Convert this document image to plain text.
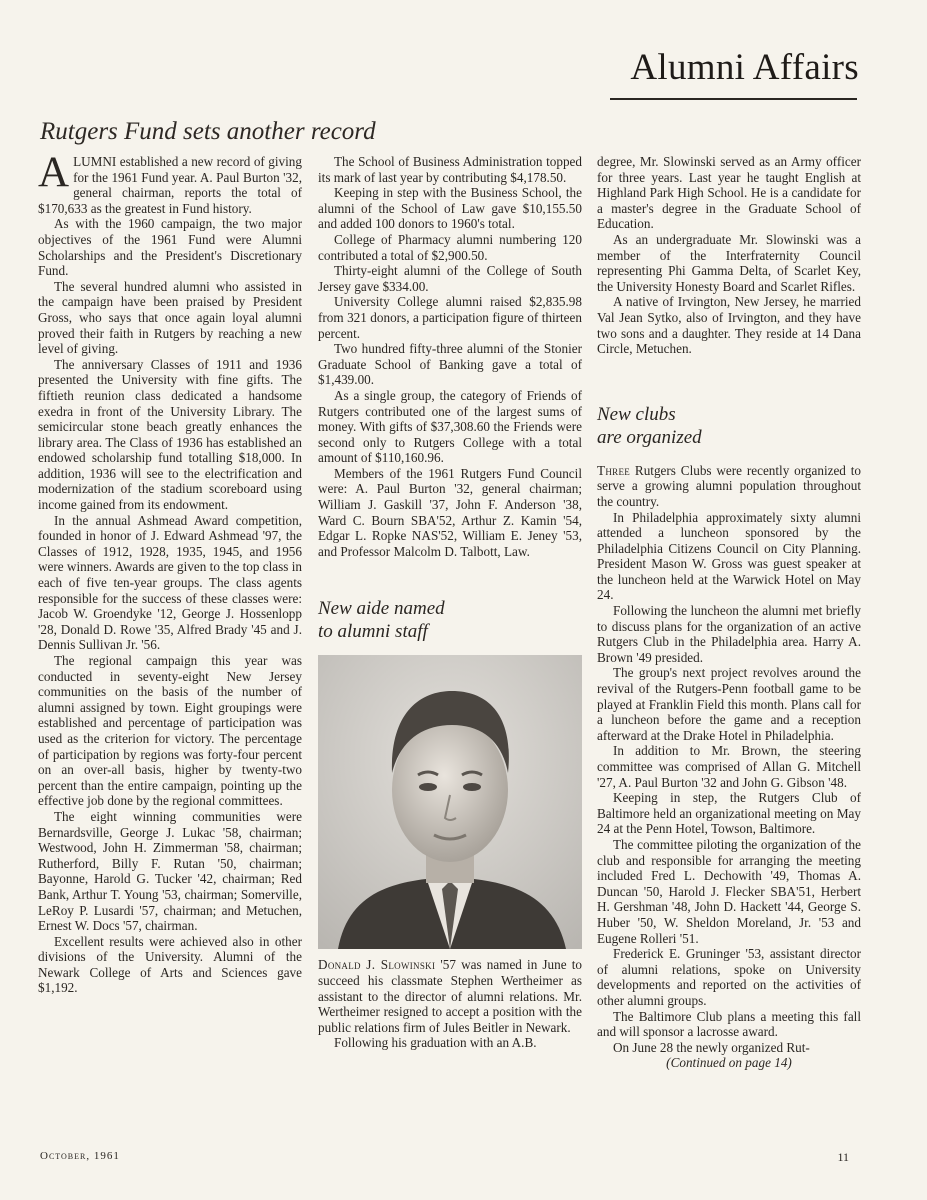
Alumni Affairs
Rutgers Fund sets another record

ALUMNI established a new record of giving for the 1961 Fund year. A. Paul Burton '32, general chairman, reports the total of $170,633 as the greatest in Fund history.

As with the 1960 campaign, the two major objectives of the 1961 Fund were Alumni Scholarships and the President's Discretionary Fund.

The several hundred alumni who assisted in the campaign have been praised by President Gross, who says that once again loyal alumni proved their faith in Rutgers by reaching a new level of giving.

The anniversary Classes of 1911 and 1936 presented the University with fine gifts. The fiftieth reunion class dedicated a handsome exedra in front of the University Library. The semicircular stone beach greatly enhances the library area. The Class of 1936 has established an endowed scholarship fund totalling $18,000. In addition, 1936 will see to the electrification and modernization of the stadium scoreboard using income gained from its endowment.

In the annual Ashmead Award competition, founded in honor of J. Edward Ashmead '97, the Classes of 1912, 1928, 1935, 1945, and 1956 were winners. Awards are given to the top class in each of five ten-year groups. The class agents responsible for the success of these classes were: Jacob W. Groendyke '12, George J. Hossenlopp '28, Donald D. Rowe '35, Alfred Brady '45 and J. Dennis Sullivan Jr. '56.

The regional campaign this year was conducted in seventy-eight New Jersey communities on the basis of the number of alumni assigned by town. Eight groupings were established and percentage of participation was used as the criterion for victory. The percentage of participation by regions was forty-four percent on an over-all basis, higher by twenty-two percent than the entire campaign, pointing up the effective job done by the regional committees.

The eight winning communities were Bernardsville, George J. Lukac '58, chairman; Westwood, John H. Zimmerman '58, chairman; Rutherford, Billy F. Rutan '50, chairman; Bayonne, Harold G. Tucker '42, chairman; Red Bank, Arthur T. Young '53, chairman; Somerville, LeRoy P. Lusardi '57, chairman; and Metuchen, Ernest W. Docs '57, chairman.

Excellent results were achieved also in other divisions of the University. Alumni of the Newark College of Arts and Sciences gave $1,192.

The School of Business Administration topped its mark of last year by contributing $4,178.50.

Keeping in step with the Business School, the alumni of the School of Law gave $10,155.50 and added 100 donors to 1960's total.

College of Pharmacy alumni numbering 120 contributed a total of $2,900.50.

Thirty-eight alumni of the College of South Jersey gave $334.00.

University College alumni raised $2,835.98 from 321 donors, a participation figure of thirteen percent.

Two hundred fifty-three alumni of the Stonier Graduate School of Banking gave a total of $1,439.00.

As a single group, the category of Friends of Rutgers contributed one of the largest sums of money. With gifts of $37,308.60 the Friends were second only to Rutgers College with a total amount of $110,160.96.

Members of the 1961 Rutgers Fund Council were: A. Paul Burton '32, general chairman; William J. Gaskill '37, John F. Anderson '38, Ward C. Bourn SBA'52, Arthur Z. Kamin '54, Edgar L. Ropke NAS'52, William E. Jeney '53, and Professor Malcolm D. Talbott, Law.

New aide named
to alumni staff

Donald J. Slowinski '57 was named in June to succeed his classmate Stephen Wertheimer as assistant to the director of alumni relations. Mr. Wertheimer resigned to accept a position with the public relations firm of Jules Beitler in Newark.

Following his graduation with an A.B.

degree, Mr. Slowinski served as an Army officer for three years. Last year he taught English at Highland Park High School. He is a candidate for a master's degree in the Graduate School of Education.

As an undergraduate Mr. Slowinski was a member of the Interfraternity Council representing Phi Gamma Delta, of Scarlet Key, the University Honesty Board and Scarlet Rifles.

A native of Irvington, New Jersey, he married Val Jean Sytko, also of Irvington, and they have two sons and a daughter. They reside at 14 Dana Circle, Metuchen.

New clubs
are organized

Three Rutgers Clubs were recently organized to serve a growing alumni population throughout the country.

In Philadelphia approximately sixty alumni attended a luncheon sponsored by the Philadelphia Citizens Council on City Planning. President Mason W. Gross was guest speaker at the luncheon held at the Warwick Hotel on May 24.

Following the luncheon the alumni met briefly to discuss plans for the organization of an active Rutgers Club in the Philadelphia area. Harry A. Brown '49 presided.

The group's next project revolves around the revival of the Rutgers-Penn football game to be played at Franklin Field this month. Plans call for a luncheon before the game and a reception afterward at the Drake Hotel in Philadelphia.

In addition to Mr. Brown, the steering committee was comprised of Allan G. Mitchell '27, A. Paul Burton '32 and John G. Gibson '48.

Keeping in step, the Rutgers Club of Baltimore held an organizational meeting on May 24 at the Penn Hotel, Towson, Baltimore.

The committee piloting the organization of the club and responsible for arranging the meeting included Fred L. Dechowith '49, Thomas A. Duncan '50, Harold J. Flecker SBA'51, Herbert H. Gershman '48, John D. Hackett '44, George S. Huber '50, W. Sheldon Moreland, Jr. '53 and Eugene Rolleri '51.

Frederick E. Gruninger '53, assistant director of alumni relations, spoke on University developments and reported on the activities of other alumni groups.

The Baltimore Club plans a meeting this fall and will sponsor a lacrosse award.

On June 28 the newly organized Rut-

(Continued on page 14)

October, 1961	11
